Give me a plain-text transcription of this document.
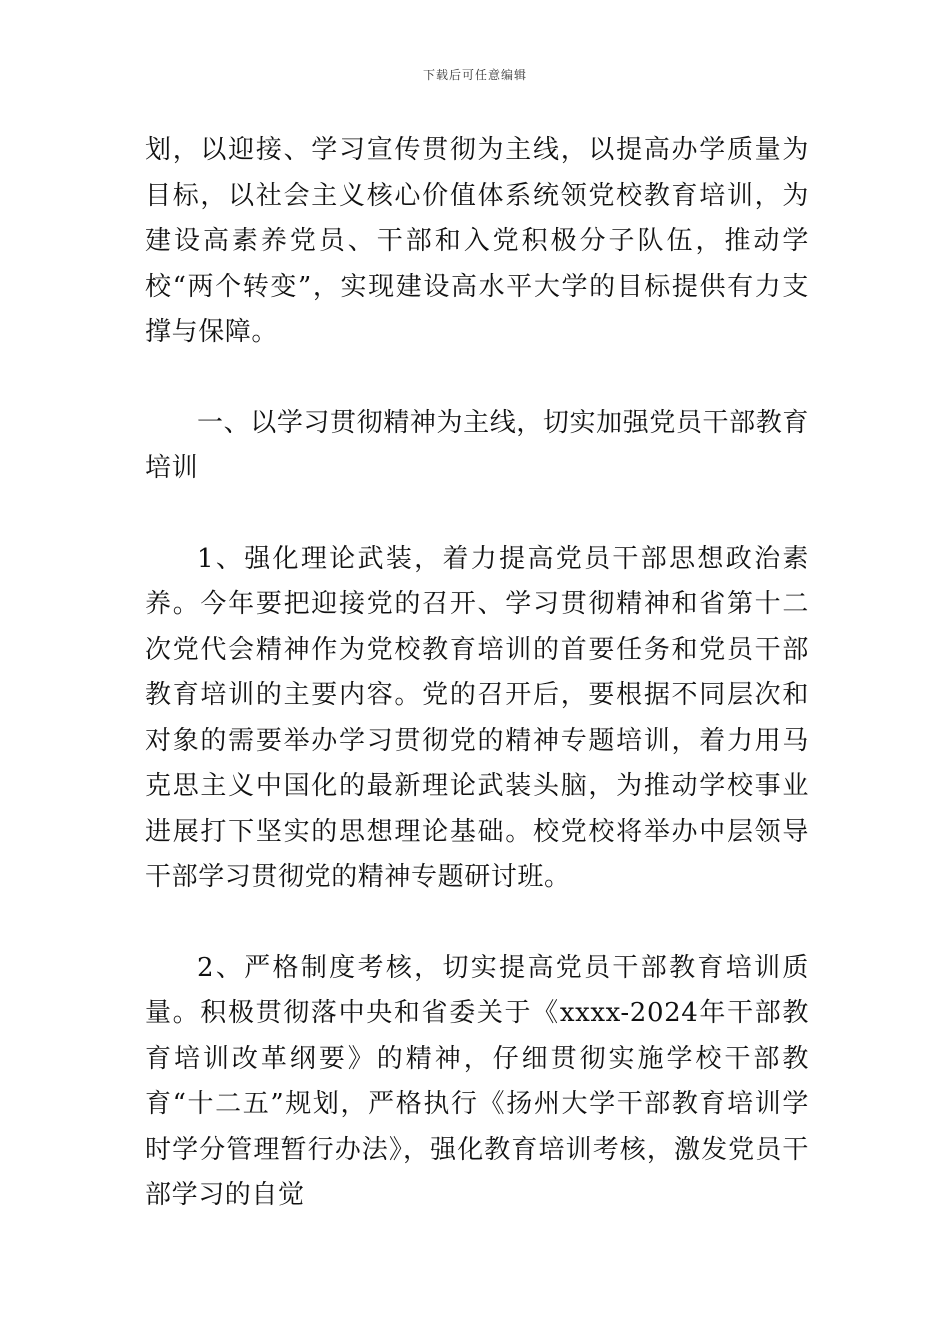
下载后可任意编辑

划，以迎接、学习宣传贯彻为主线，以提高办学质量为目标，以社会主义核心价值体系统领党校教育培训，为建设高素养党员、干部和入党积极分子队伍，推动学校“两个转变”，实现建设高水平大学的目标提供有力支撑与保障。

一、以学习贯彻精神为主线，切实加强党员干部教育培训

1、强化理论武装，着力提高党员干部思想政治素养。今年要把迎接党的召开、学习贯彻精神和省第十二次党代会精神作为党校教育培训的首要任务和党员干部教育培训的主要内容。党的召开后，要根据不同层次和对象的需要举办学习贯彻党的精神专题培训，着力用马克思主义中国化的最新理论武装头脑，为推动学校事业进展打下坚实的思想理论基础。校党校将举办中层领导干部学习贯彻党的精神专题研讨班。

2、严格制度考核，切实提高党员干部教育培训质量。积极贯彻落中央和省委关于《xxxx-2024年干部教育培训改革纲要》的精神，仔细贯彻实施学校干部教育“十二五”规划，严格执行《扬州大学干部教育培训学时学分管理暂行办法》，强化教育培训考核，激发党员干部学习的自觉
